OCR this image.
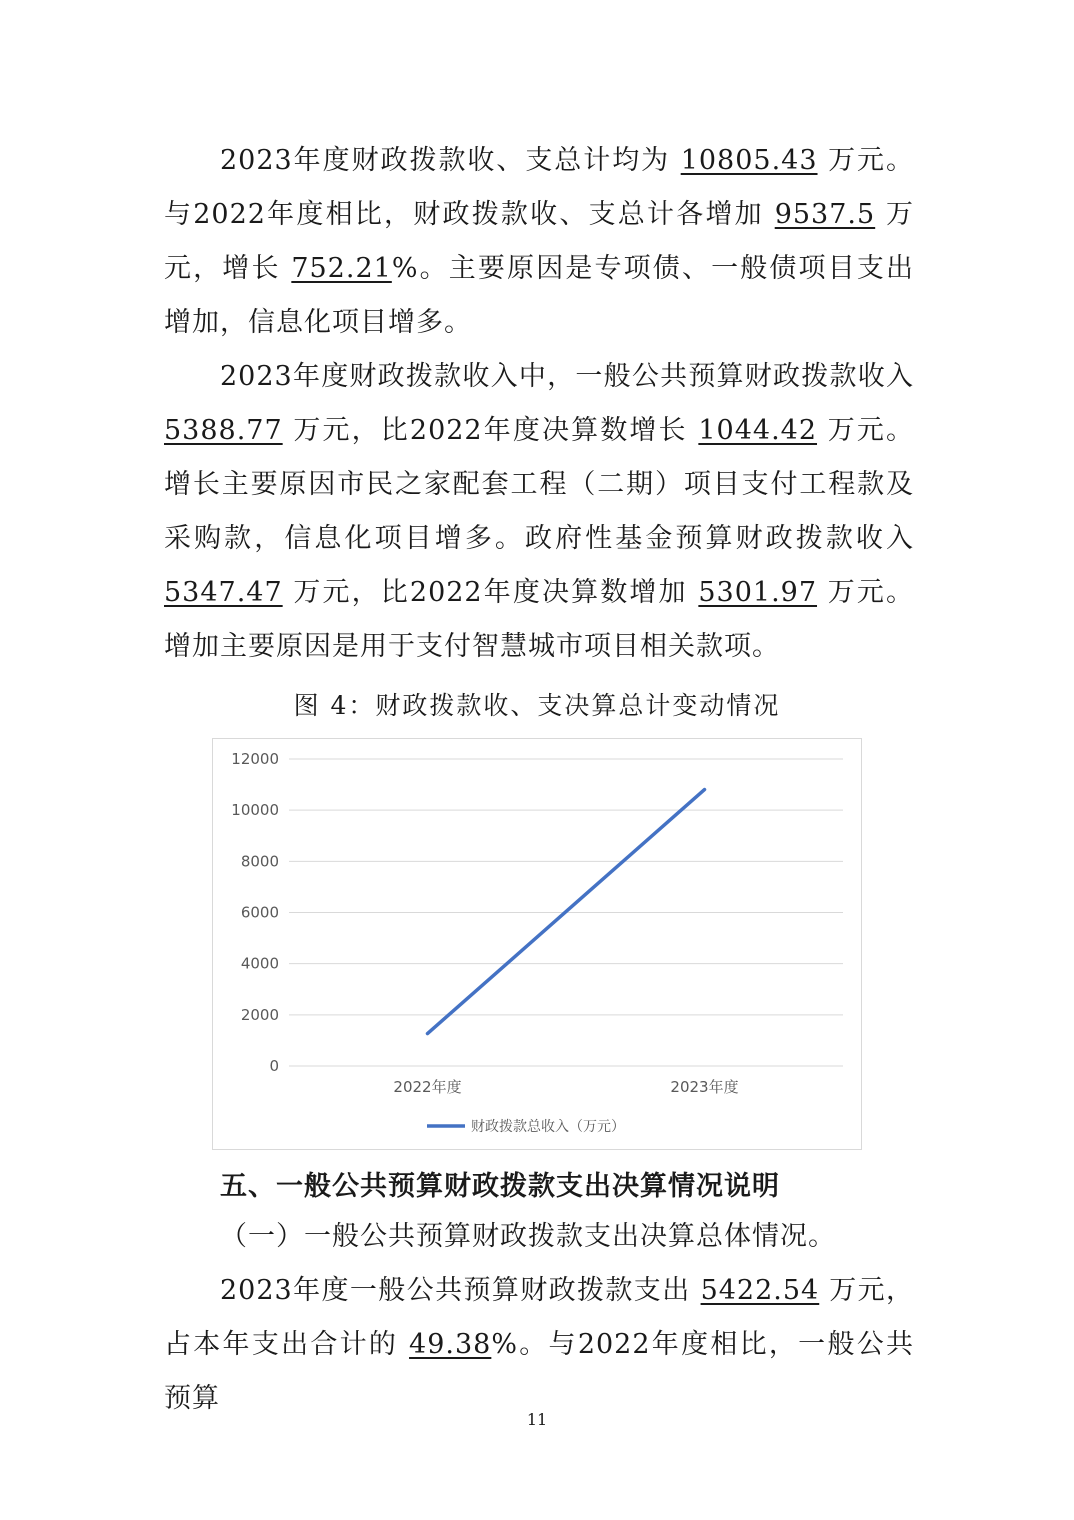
2023年度财政拨款收、支总计均为 10805.43 万元。与2022年度相比，财政拨款收、支总计各增加 9537.5 万元，增长 752.21%。主要原因是专项债、一般债项目支出增加，信息化项目增多。

2023年度财政拨款收入中，一般公共预算财政拨款收入 5388.77 万元，比2022年度决算数增长 1044.42 万元。增长主要原因市民之家配套工程（二期）项目支付工程款及采购款，信息化项目增多。政府性基金预算财政拨款收入 5347.47 万元，比2022年度决算数增加 5301.97 万元。增加主要原因是用于支付智慧城市项目相关款项。

图 4：财政拨款收、支决算总计变动情况
0
2000
4000
6000
8000
10000
12000
2022年度	2023年度
财政拨款总收入（万元）
五、一般公共预算财政拨款支出决算情况说明
（一）一般公共预算财政拨款支出决算总体情况。

2023年度一般公共预算财政拨款支出 5422.54 万元，占本年支出合计的 49.38%。与2022年度相比，一般公共预算

11
